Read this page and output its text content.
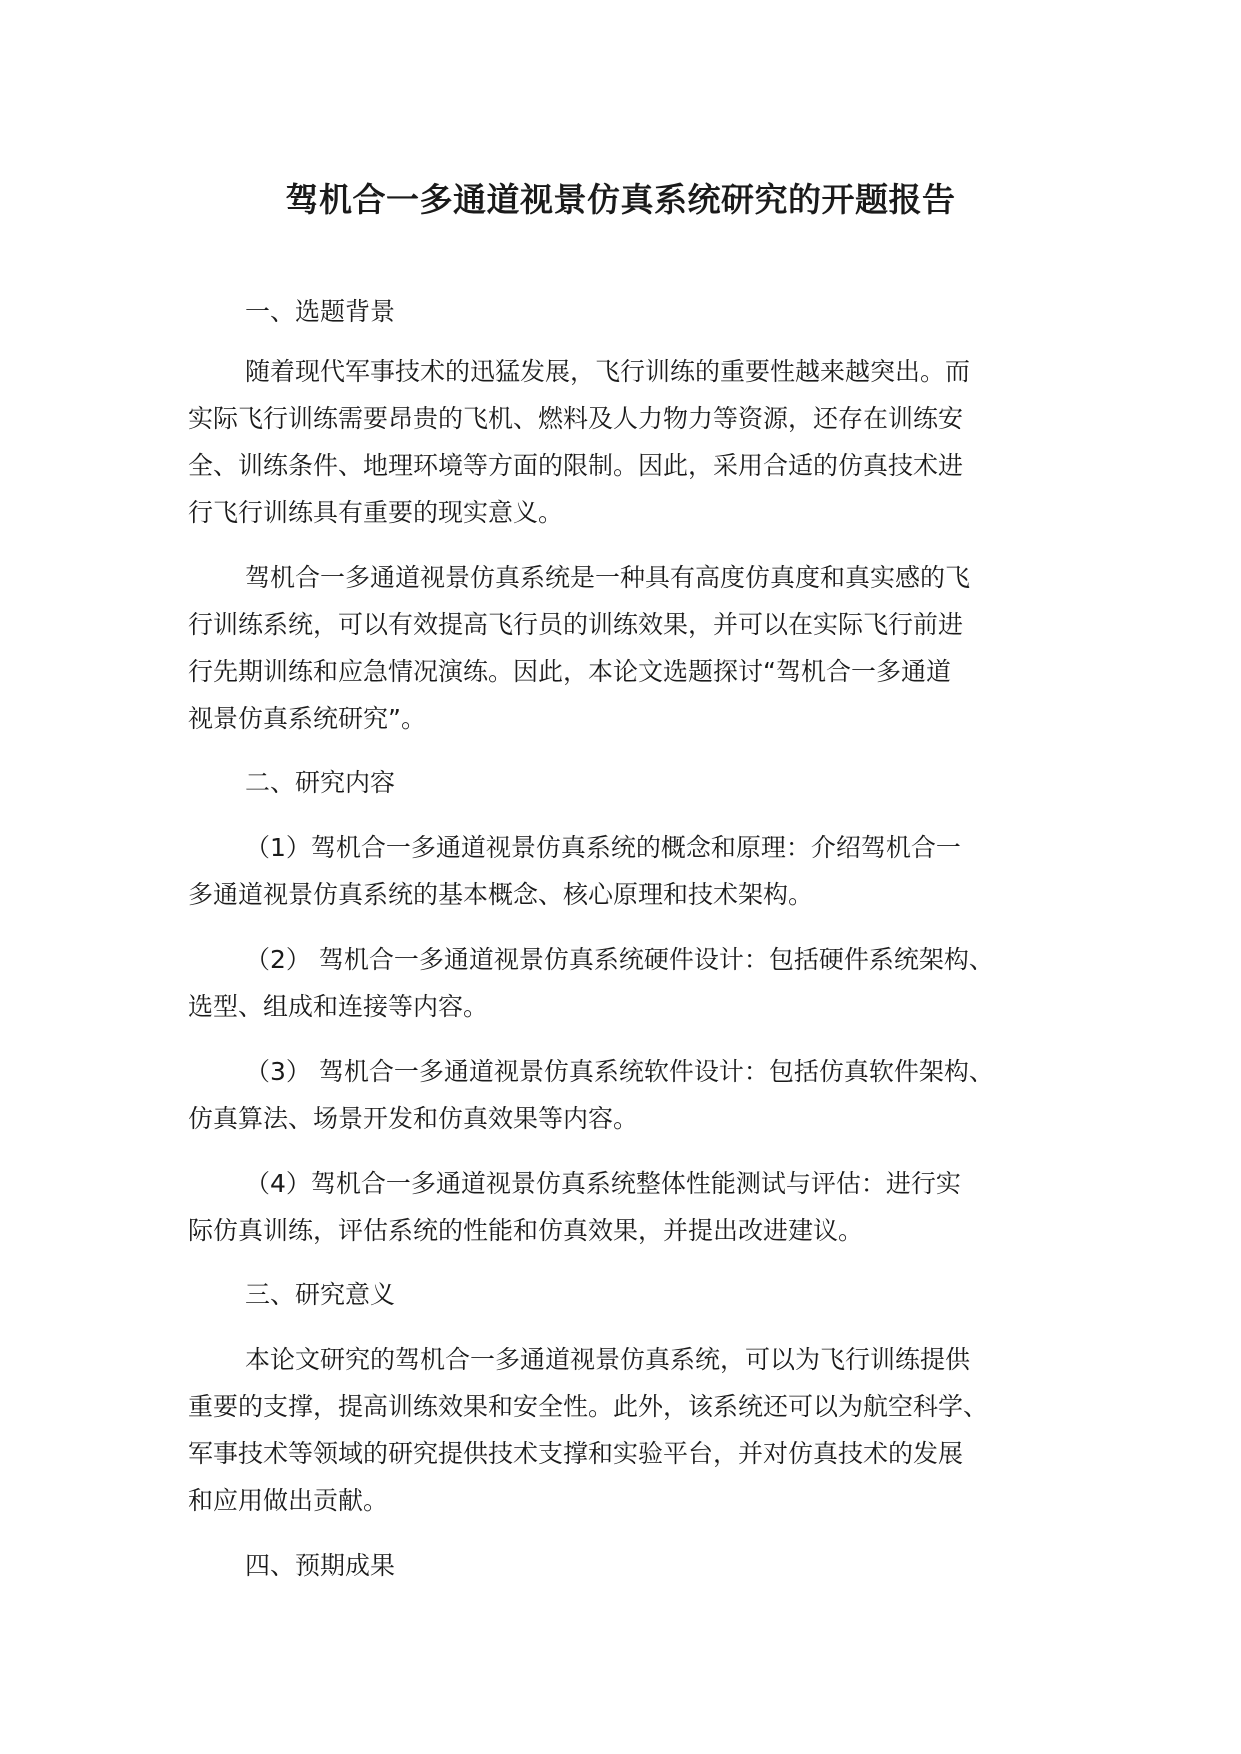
驾机合一多通道视景仿真系统研究的开题报告
一、选题背景
随着现代军事技术的迅猛发展，飞行训练的重要性越来越突出。而
实际飞行训练需要昂贵的飞机、燃料及人力物力等资源，还存在训练安
全、训练条件、地理环境等方面的限制。因此，采用合适的仿真技术进
行飞行训练具有重要的现实意义。
驾机合一多通道视景仿真系统是一种具有高度仿真度和真实感的飞
行训练系统，可以有效提高飞行员的训练效果，并可以在实际飞行前进
行先期训练和应急情况演练。因此，本论文选题探讨“驾机合一多通道
视景仿真系统研究”。
二、研究内容
（1）驾机合一多通道视景仿真系统的概念和原理：介绍驾机合一
多通道视景仿真系统的基本概念、核心原理和技术架构。
（2） 驾机合一多通道视景仿真系统硬件设计：包括硬件系统架构、
选型、组成和连接等内容。
（3） 驾机合一多通道视景仿真系统软件设计：包括仿真软件架构、
仿真算法、场景开发和仿真效果等内容。
（4）驾机合一多通道视景仿真系统整体性能测试与评估：进行实
际仿真训练，评估系统的性能和仿真效果，并提出改进建议。
三、研究意义
本论文研究的驾机合一多通道视景仿真系统，可以为飞行训练提供
重要的支撑，提高训练效果和安全性。此外，该系统还可以为航空科学、
军事技术等领域的研究提供技术支撑和实验平台，并对仿真技术的发展
和应用做出贡献。
四、预期成果
